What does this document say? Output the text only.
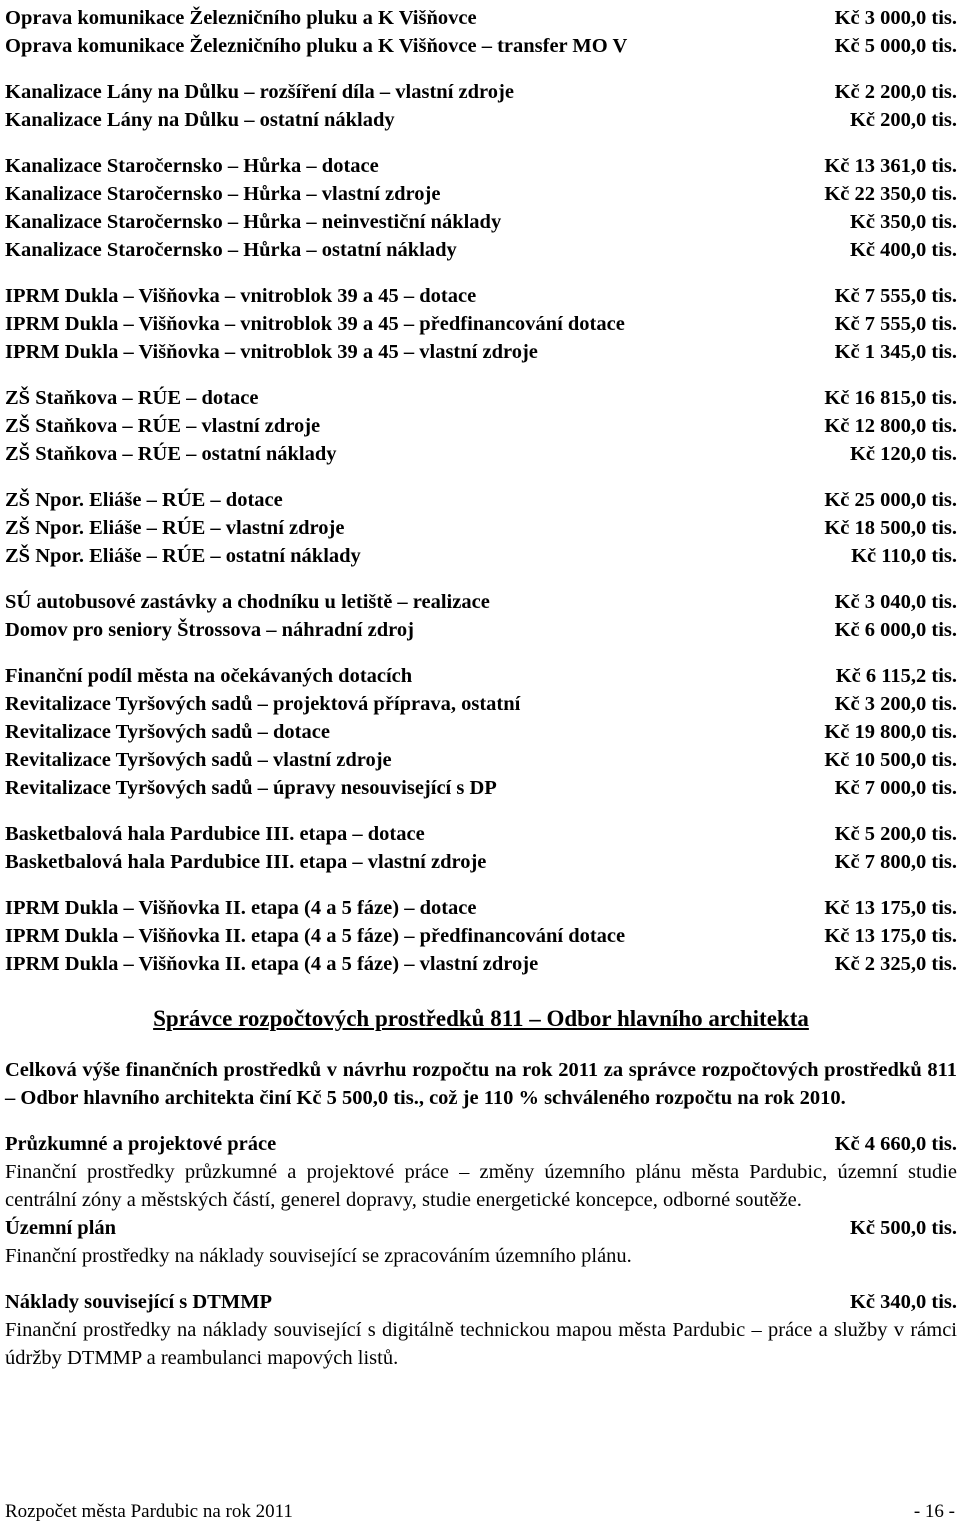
Oprava komunikace Železničního pluku a K Višňovce	Kč 3 000,0 tis.
Oprava komunikace Železničního pluku a K Višňovce – transfer MO V	Kč 5 000,0 tis.
Kanalizace Lány na Důlku – rozšíření díla – vlastní zdroje	Kč 2 200,0 tis.
Kanalizace Lány na Důlku – ostatní náklady	Kč 200,0 tis.
Kanalizace Staročernsko – Hůrka – dotace	Kč 13 361,0 tis.
Kanalizace Staročernsko – Hůrka – vlastní zdroje	Kč 22 350,0 tis.
Kanalizace Staročernsko – Hůrka – neinvestiční náklady	Kč 350,0 tis.
Kanalizace Staročernsko – Hůrka – ostatní náklady	Kč 400,0 tis.
IPRM Dukla – Višňovka – vnitroblok 39 a 45 – dotace	Kč 7 555,0 tis.
IPRM Dukla – Višňovka – vnitroblok 39 a 45 – předfinancování dotace	Kč 7 555,0 tis.
IPRM Dukla – Višňovka – vnitroblok 39 a 45 – vlastní zdroje	Kč 1 345,0 tis.
ZŠ Staňkova – RÚE – dotace	Kč 16 815,0 tis.
ZŠ Staňkova – RÚE – vlastní zdroje	Kč 12 800,0 tis.
ZŠ Staňkova – RÚE – ostatní náklady	Kč 120,0 tis.
ZŠ Npor. Eliáše – RÚE – dotace	Kč 25 000,0 tis.
ZŠ Npor. Eliáše – RÚE – vlastní zdroje	Kč 18 500,0 tis.
ZŠ Npor. Eliáše – RÚE – ostatní náklady	Kč 110,0 tis.
SÚ autobusové zastávky a chodníku u letiště – realizace	Kč 3 040,0 tis.
Domov pro seniory Štrossova – náhradní zdroj	Kč 6 000,0 tis.
Finanční podíl města na očekávaných dotacích	Kč 6 115,2 tis.
Revitalizace Tyršových sadů – projektová příprava, ostatní	Kč 3 200,0 tis.
Revitalizace Tyršových sadů – dotace	Kč 19 800,0 tis.
Revitalizace Tyršových sadů – vlastní zdroje	Kč 10 500,0 tis.
Revitalizace Tyršových sadů – úpravy nesouvisející s DP	Kč 7 000,0 tis.
Basketbalová hala Pardubice III. etapa – dotace	Kč 5 200,0 tis.
Basketbalová hala Pardubice III. etapa – vlastní zdroje	Kč 7 800,0 tis.
IPRM Dukla – Višňovka II. etapa (4 a 5 fáze) – dotace	Kč 13 175,0 tis.
IPRM Dukla – Višňovka II. etapa (4 a 5 fáze) – předfinancování dotace	Kč 13 175,0 tis.
IPRM Dukla – Višňovka II. etapa (4 a 5 fáze) – vlastní zdroje	Kč 2 325,0 tis.
Správce rozpočtových prostředků 811 – Odbor hlavního architekta
Celková výše finančních prostředků v návrhu rozpočtu na rok 2011 za správce rozpočtových prostředků 811 – Odbor hlavního architekta činí Kč 5 500,0 tis., což je 110 % schváleného rozpočtu na rok 2010.
Průzkumné a projektové práce	Kč 4 660,0 tis.
Finanční prostředky průzkumné a projektové práce – změny územního plánu města Pardubic, územní studie centrální zóny a městských částí, generel dopravy, studie energetické koncepce, odborné soutěže.
Územní plán	Kč 500,0 tis.
Finanční prostředky na náklady související se zpracováním územního plánu.
Náklady související s DTMMP	Kč 340,0 tis.
Finanční prostředky na náklady související s digitálně technickou mapou města Pardubic – práce a služby v rámci údržby DTMMP a reambulanci mapových listů.
Rozpočet města Pardubic na rok 2011	- 16 -
